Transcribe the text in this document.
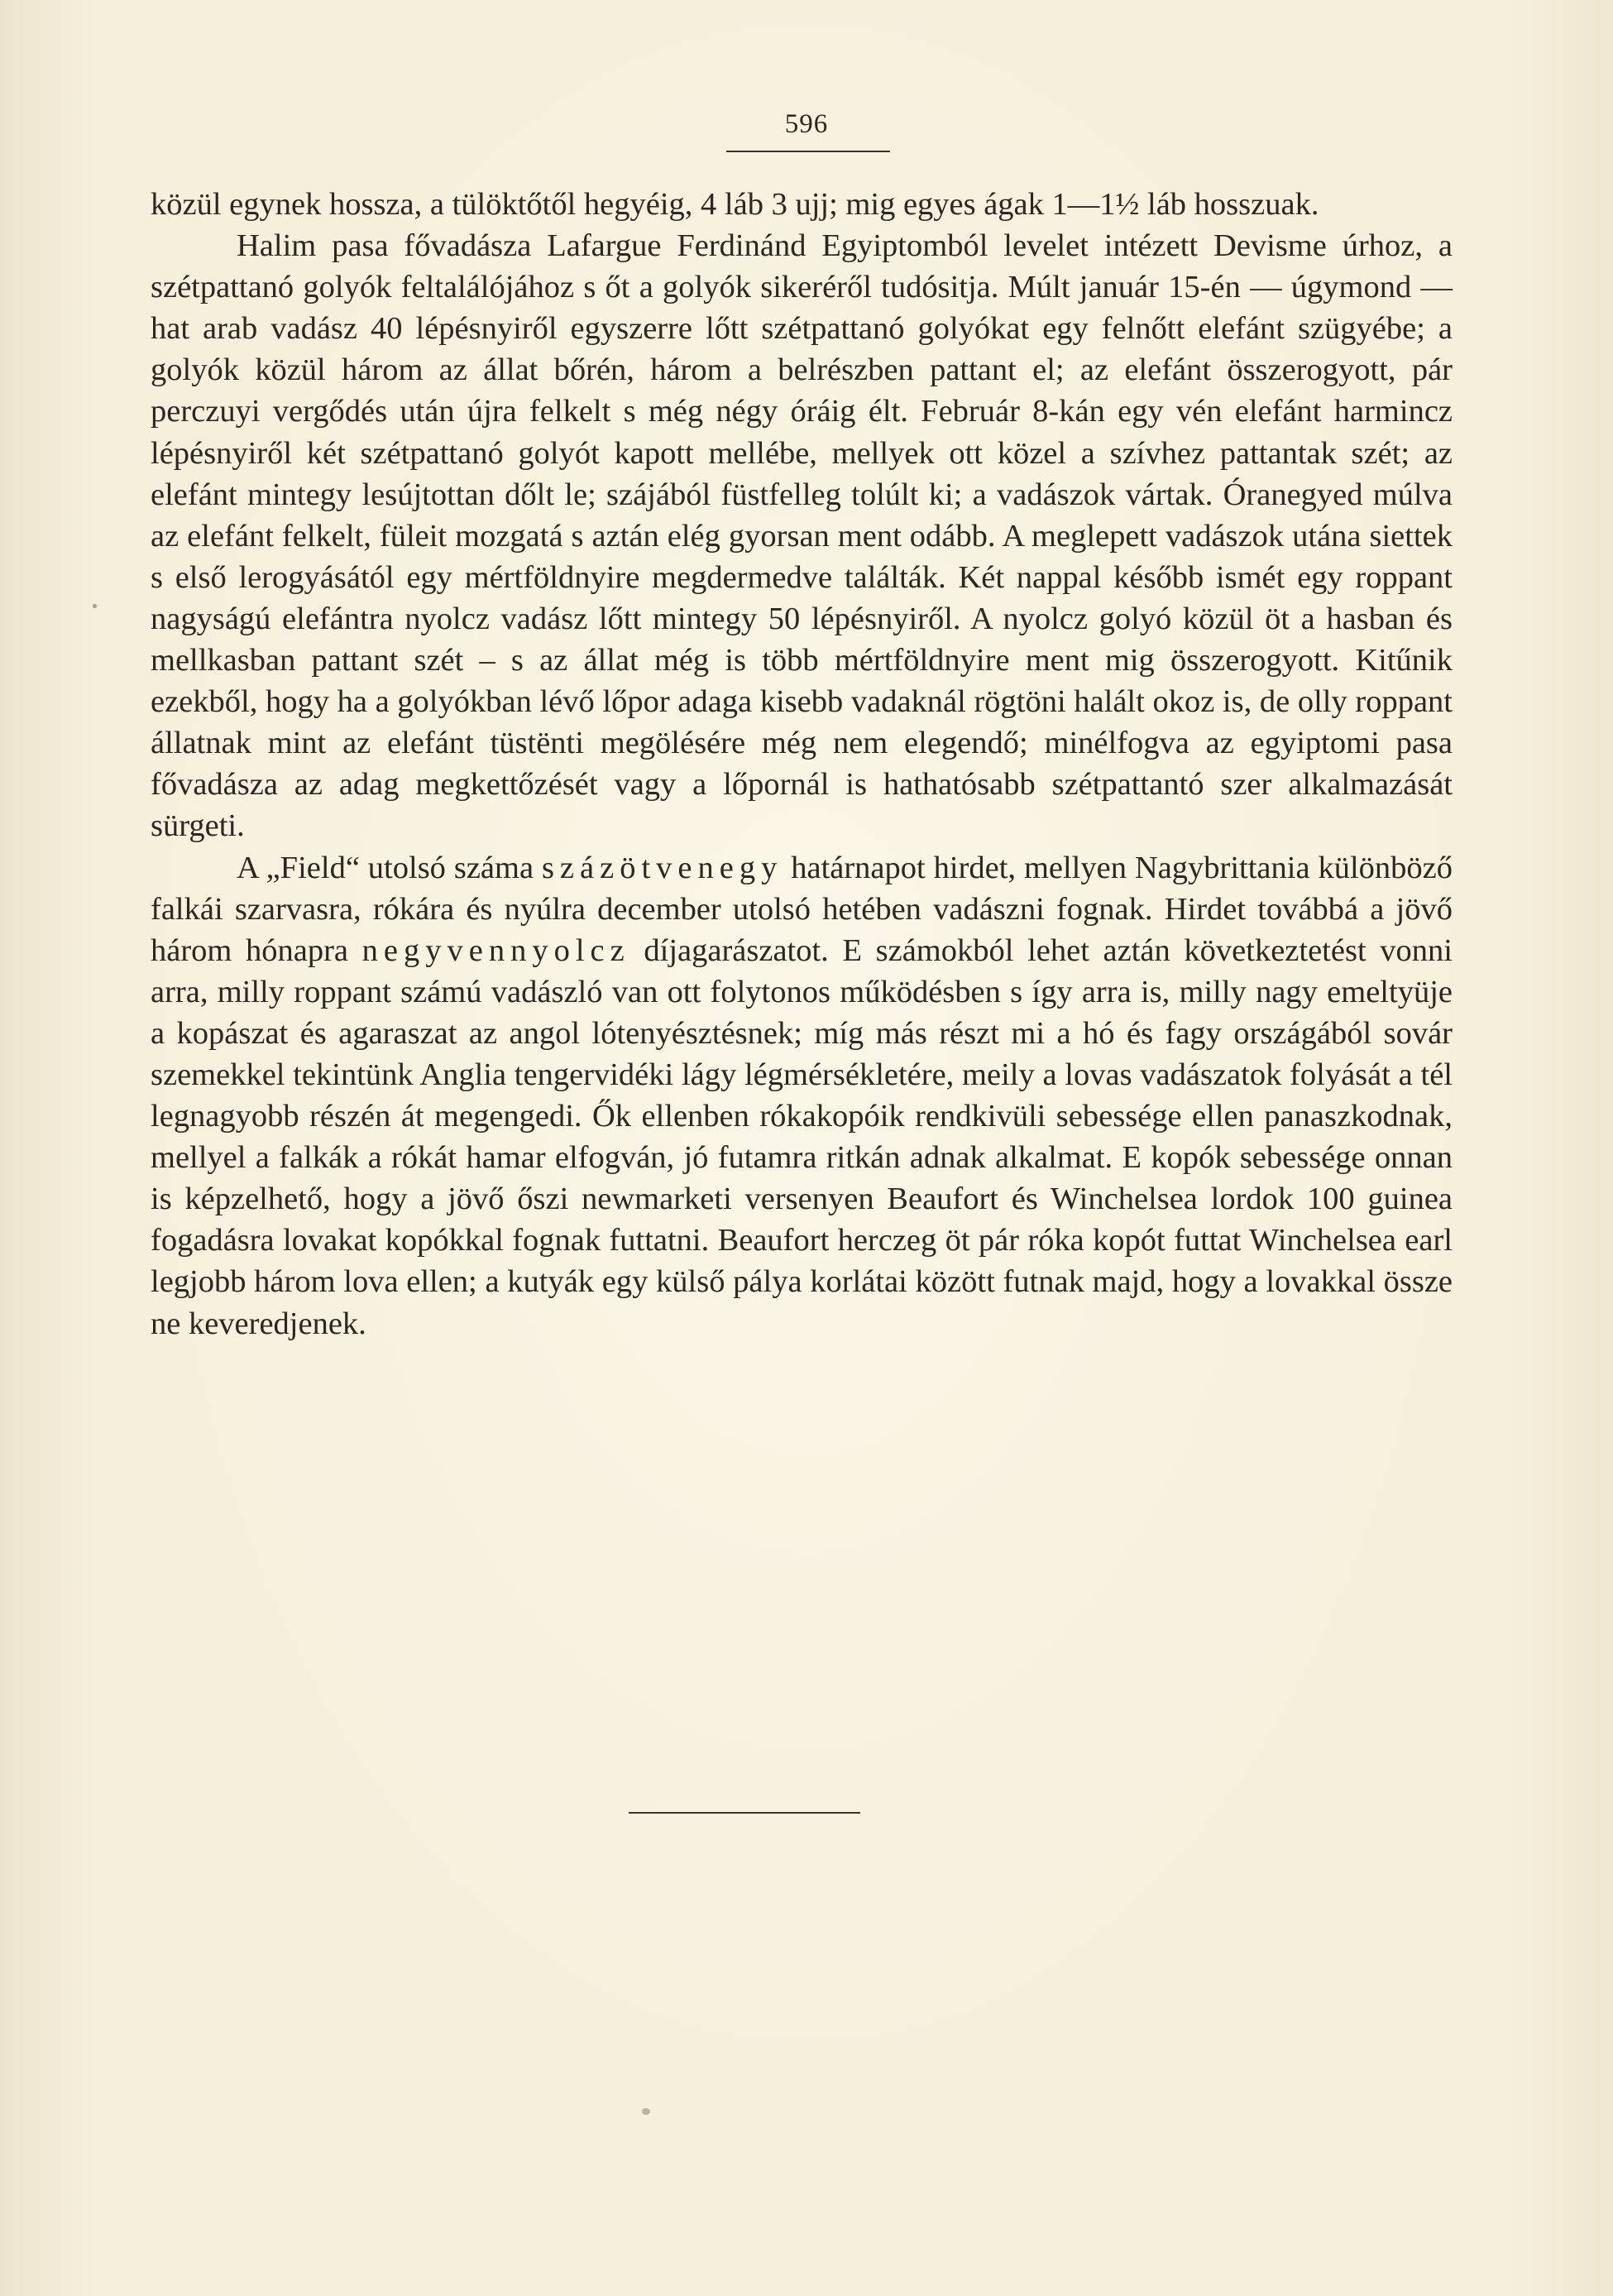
596

közül egynek hossza, a tülöktőtől hegyéig, 4 láb 3 ujj; mig egyes ágak 1—1½ láb hosszuak.

Halim pasa fővadásza Lafargue Ferdinánd Egyiptomból levelet intézett Devisme úrhoz, a szétpattanó golyók feltalálójához s őt a golyók sikeréről tudósitja. Múlt január 15-én — úgymond — hat arab vadász 40 lépésnyiről egyszerre lőtt szétpattanó golyókat egy felnőtt elefánt szügyébe; a golyók közül három az állat bőrén, három a belrészben pattant el; az elefánt összerogyott, pár perczuyi vergődés után újra felkelt s még négy óráig élt. Február 8-kán egy vén elefánt harmincz lépésnyiről két szétpattanó golyót kapott mellébe, mellyek ott közel a szívhez pattantak szét; az elefánt mintegy lesújtottan dőlt le; szájából füstfelleg tolúlt ki; a vadászok vártak. Óranegyed múlva az elefánt felkelt, füleit mozgatá s aztán elég gyorsan ment odább. A meglepett vadászok utána siettek s első lerogyásától egy mértföldnyire megdermedve találták. Két nappal később ismét egy roppant nagyságú elefántra nyolcz vadász lőtt mintegy 50 lépésnyiről. A nyolcz golyó közül öt a hasban és mellkasban pattant szét – s az állat még is több mértföldnyire ment mig összerogyott. Kitűnik ezekből, hogy ha a golyókban lévő lőpor adaga kisebb vadaknál rögtöni halált okoz is, de olly roppant állatnak mint az elefánt tüstënti megölésére még nem elegendő; minélfogva az egyiptomi pasa fővadásza az adag megkettőzését vagy a lőpornál is hathatósabb szétpattantó szer alkalmazását sürgeti.

A „Field“ utolsó száma százötvenegy határnapot hirdet, mellyen Nagybrittania különböző falkái szarvasra, rókára és nyúlra december utolsó hetében vadászni fognak. Hirdet továbbá a jövő három hónapra negyvennyolcz díjagarászatot. E számokból lehet aztán következtetést vonni arra, milly roppant számú vadászló van ott folytonos működésben s így arra is, milly nagy emeltyüje a kopászat és agaraszat az angol lótenyésztésnek; míg más részt mi a hó és fagy országából sovár szemekkel tekintünk Anglia tengervidéki lágy légmérsékletére, meily a lovas vadászatok folyását a tél legnagyobb részén át megengedi. Ők ellenben rókakopóik rendkivüli sebessége ellen panaszkodnak, mellyel a falkák a rókát hamar elfogván, jó futamra ritkán adnak alkalmat. E kopók sebessége onnan is képzelhető, hogy a jövő őszi newmarketi versenyen Beaufort és Winchelsea lordok 100 guinea fogadásra lovakat kopókkal fognak futtatni. Beaufort herczeg öt pár róka kopót futtat Winchelsea earl legjobb három lova ellen; a kutyák egy külső pálya korlátai között futnak majd, hogy a lovakkal össze ne keveredjenek.
